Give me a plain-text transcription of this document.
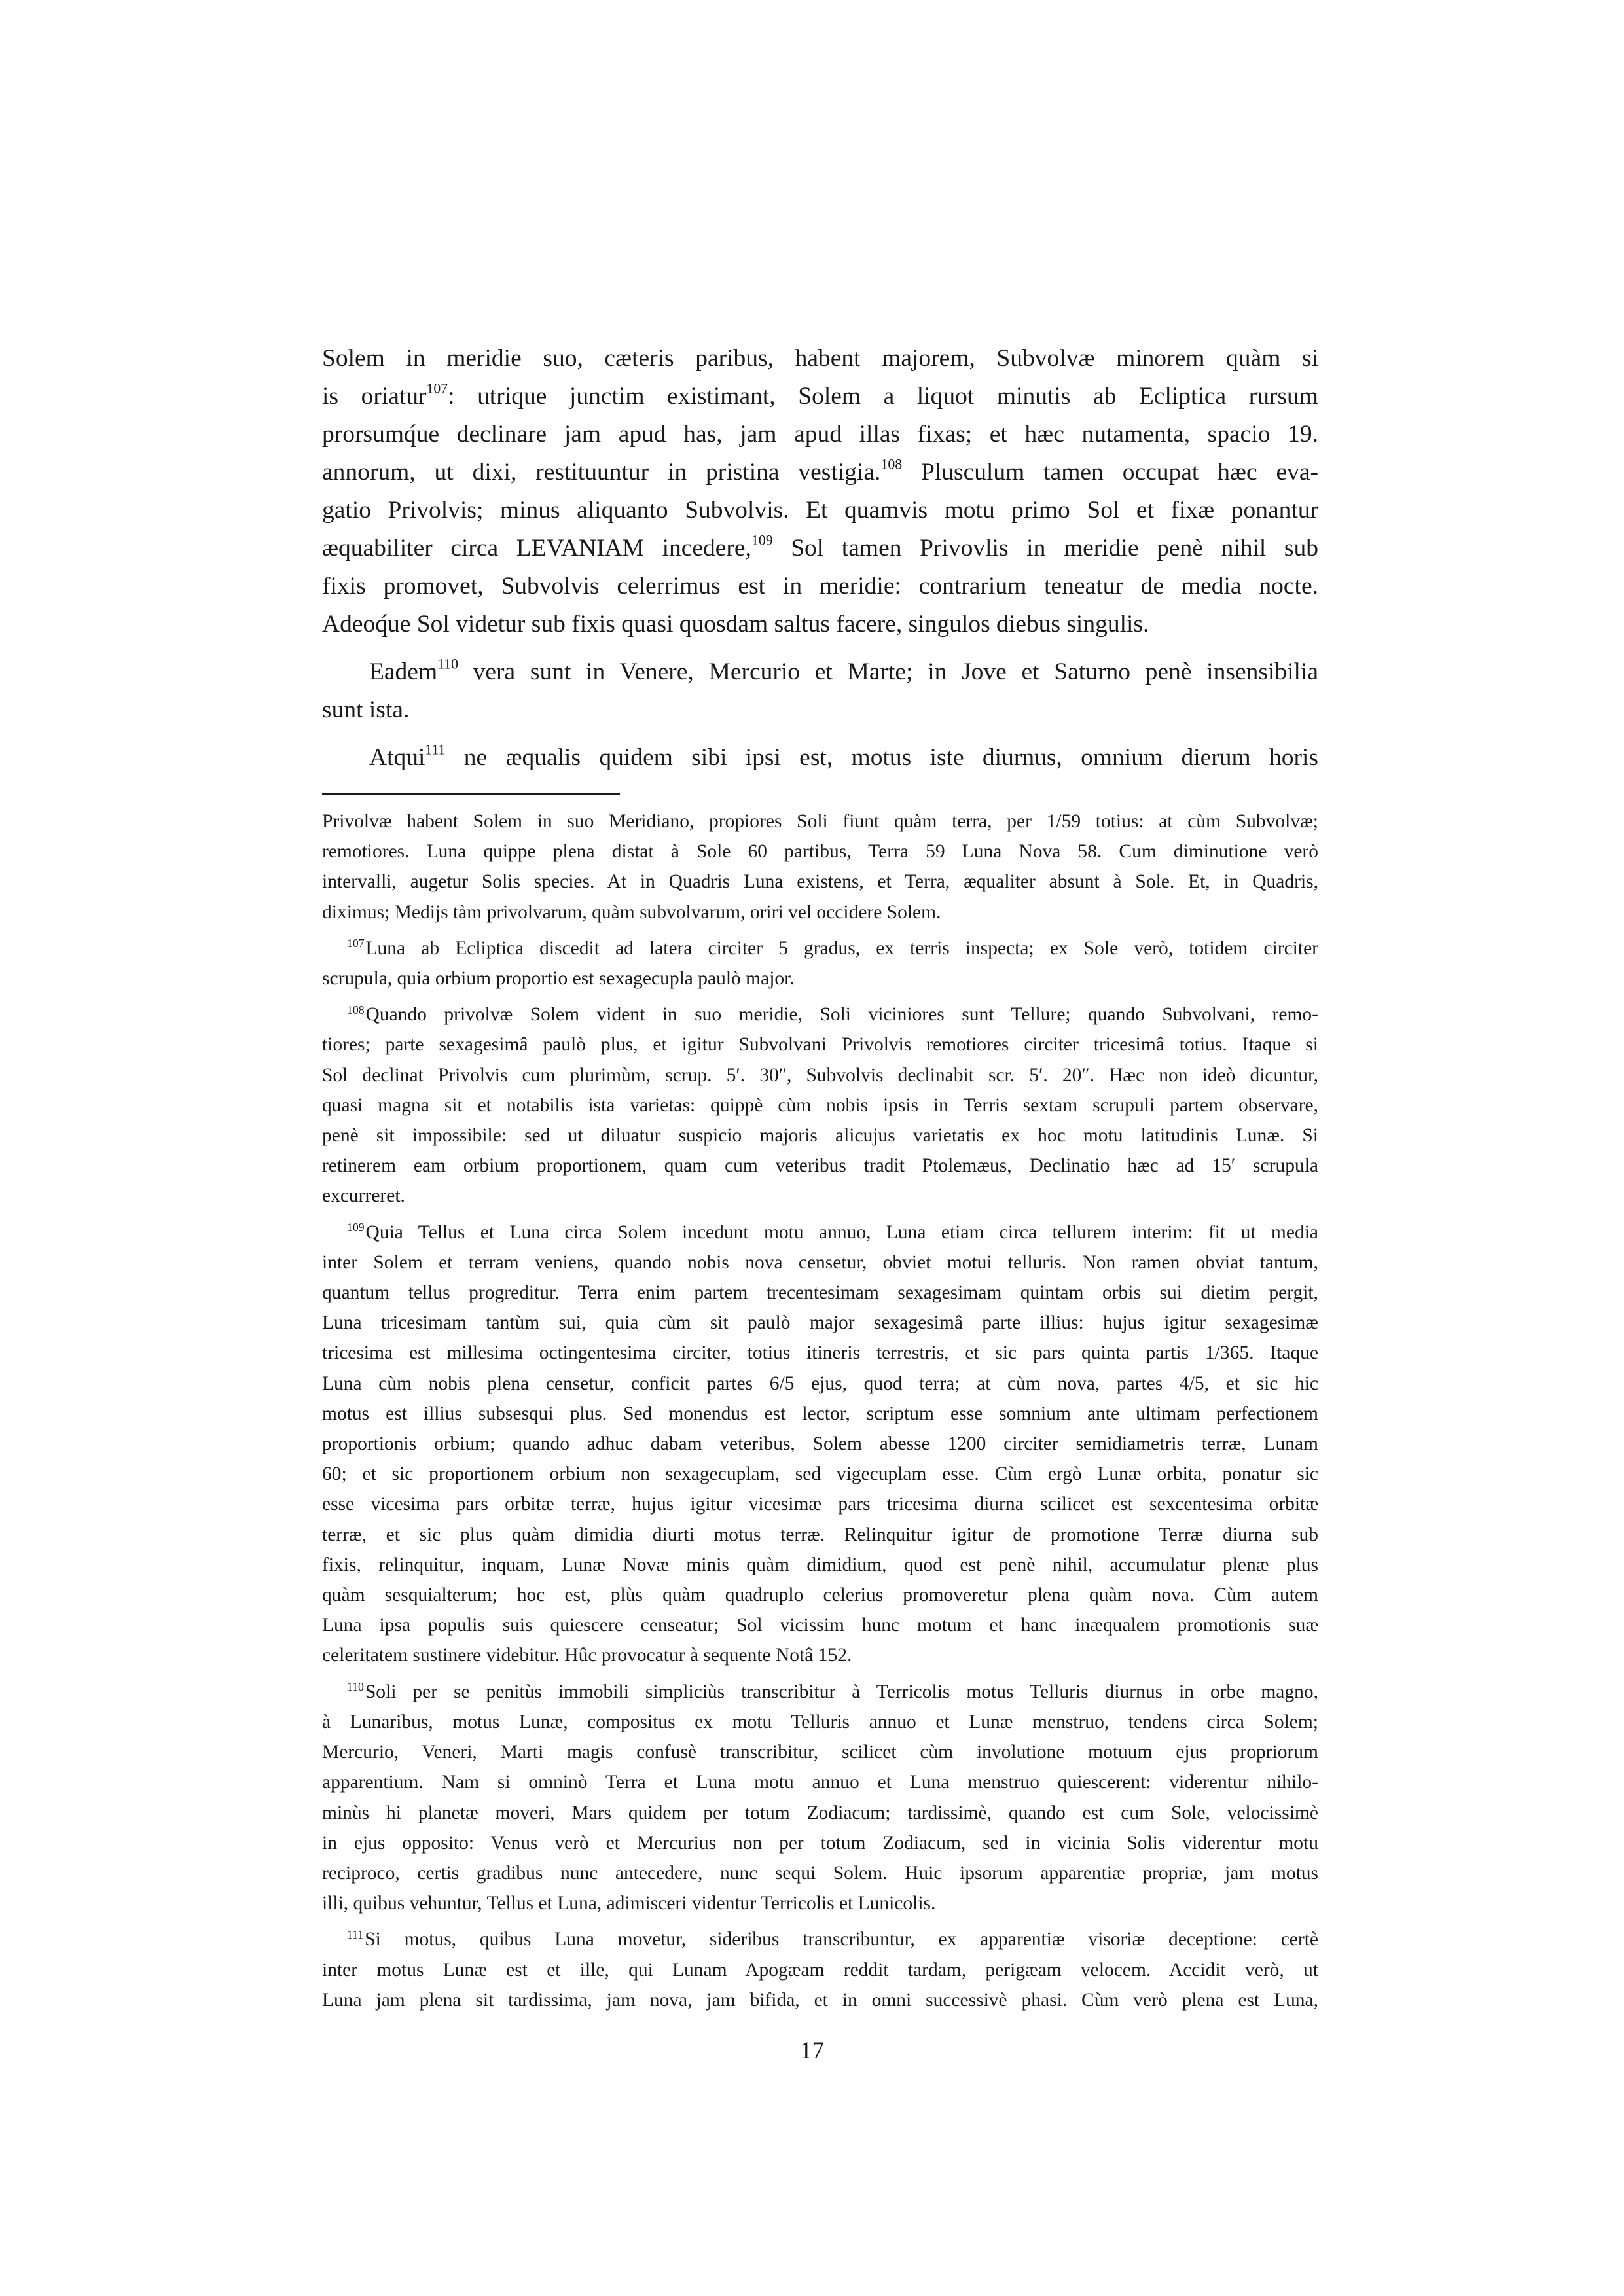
Solem in meridie suo, cæteris paribus, habent majorem, Subvolvæ minorem quàm si
is oriatur$^{107}$: utrique junctim existimant, Solem a liquot minutis ab Ecliptica rursum
prorsumq́ue declinare jam apud has, jam apud illas fixas; et hæc nutamenta, spacio 19.
annorum, ut dixi, restituuntur in pristina vestigia.$^{108}$ Plusculum tamen occupat hæc eva-
gatio Privolvis; minus aliquanto Subvolvis. Et quamvis motu primo Sol et fixæ ponantur
æquabiliter circa LEVANIAM incedere,$^{109}$ Sol tamen Privovlis in meridie penè nihil sub
fixis promovet, Subvolvis celerrimus est in meridie: contrarium teneatur de media nocte.
Adeoq́ue Sol videtur sub fixis quasi quosdam saltus facere, singulos diebus singulis.
Eadem$^{110}$ vera sunt in Venere, Mercurio et Marte; in Jove et Saturno penè insensibilia
sunt ista.
Atqui$^{111}$ ne æqualis quidem sibi ipsi est, motus iste diurnus, omnium dierum horis
Privolvæ habent Solem in suo Meridiano, propiores Soli fiunt quàm terra, per 1/59 totius: at cùm Subvolvæ;
remotiores. Luna quippe plena distat à Sole 60 partibus, Terra 59 Luna Nova 58. Cum diminutione verò
intervalli, augetur Solis species. At in Quadris Luna existens, et Terra, æqualiter absunt à Sole. Et, in Quadris,
diximus; Medijs tàm privolvarum, quàm subvolvarum, oriri vel occidere Solem.
$^{107}$Luna ab Ecliptica discedit ad latera circiter 5 gradus, ex terris inspecta; ex Sole verò, totidem circiter
scrupula, quia orbium proportio est sexagecupla paulò major.
$^{108}$Quando privolvæ Solem vident in suo meridie, Soli viciniores sunt Tellure; quando Subvolvani, remo-
tiores; parte sexagesimâ paulò plus, et igitur Subvolvani Privolvis remotiores circiter tricesimâ totius. Itaque si
Sol declinat Privolvis cum plurimùm, scrup. 5′. 30″, Subvolvis declinabit scr. 5′. 20″. Hæc non ideò dicuntur,
quasi magna sit et notabilis ista varietas: quippè cùm nobis ipsis in Terris sextam scrupuli partem observare,
penè sit impossibile: sed ut diluatur suspicio majoris alicujus varietatis ex hoc motu latitudinis Lunæ. Si
retinerem eam orbium proportionem, quam cum veteribus tradit Ptolemæus, Declinatio hæc ad 15′ scrupula
excurreret.
$^{109}$Quia Tellus et Luna circa Solem incedunt motu annuo, Luna etiam circa tellurem interim: fit ut media
inter Solem et terram veniens, quando nobis nova censetur, obviet motui telluris. Non ramen obviat tantum,
quantum tellus progreditur. Terra enim partem trecentesimam sexagesimam quintam orbis sui dietim pergit,
Luna tricesimam tantùm sui, quia cùm sit paulò major sexagesimâ parte illius: hujus igitur sexagesimæ
tricesima est millesima octingentesima circiter, totius itineris terrestris, et sic pars quinta partis 1/365. Itaque
Luna cùm nobis plena censetur, conficit partes 6/5 ejus, quod terra; at cùm nova, partes 4/5, et sic hic
motus est illius subsesqui plus. Sed monendus est lector, scriptum esse somnium ante ultimam perfectionem
proportionis orbium; quando adhuc dabam veteribus, Solem abesse 1200 circiter semidiametris terræ, Lunam
60; et sic proportionem orbium non sexagecuplam, sed vigecuplam esse. Cùm ergò Lunæ orbita, ponatur sic
esse vicesima pars orbitæ terræ, hujus igitur vicesimæ pars tricesima diurna scilicet est sexcentesima orbitæ
terræ, et sic plus quàm dimidia diurti motus terræ. Relinquitur igitur de promotione Terræ diurna sub
fixis, relinquitur, inquam, Lunæ Novæ minis quàm dimidium, quod est penè nihil, accumulatur plenæ plus
quàm sesquialterum; hoc est, plùs quàm quadruplo celerius promoveretur plena quàm nova. Cùm autem
Luna ipsa populis suis quiescere censeatur; Sol vicissim hunc motum et hanc inæqualem promotionis suæ
celeritatem sustinere videbitur. Hûc provocatur à sequente Notâ 152.
$^{110}$Soli per se penitùs immobili simpliciùs transcribitur à Terricolis motus Telluris diurnus in orbe magno,
à Lunaribus, motus Lunæ, compositus ex motu Telluris annuo et Lunæ menstruo, tendens circa Solem;
Mercurio, Veneri, Marti magis confusè transcribitur, scilicet cùm involutione motuum ejus propriorum
apparentium. Nam si omninò Terra et Luna motu annuo et Luna menstruo quiescerent: viderentur nihilo-
minùs hi planetæ moveri, Mars quidem per totum Zodiacum; tardissimè, quando est cum Sole, velocissimè
in ejus opposito: Venus verò et Mercurius non per totum Zodiacum, sed in vicinia Solis viderentur motu
reciproco, certis gradibus nunc antecedere, nunc sequi Solem. Huic ipsorum apparentiæ propriæ, jam motus
illi, quibus vehuntur, Tellus et Luna, adimisceri videntur Terricolis et Lunicolis.
$^{111}$Si motus, quibus Luna movetur, sideribus transcribuntur, ex apparentiæ visoriæ deceptione: certè
inter motus Lunæ est et ille, qui Lunam Apogæam reddit tardam, perigæam velocem. Accidit verò, ut
Luna jam plena sit tardissima, jam nova, jam bifida, et in omni successivè phasi. Cùm verò plena est Luna,
17
